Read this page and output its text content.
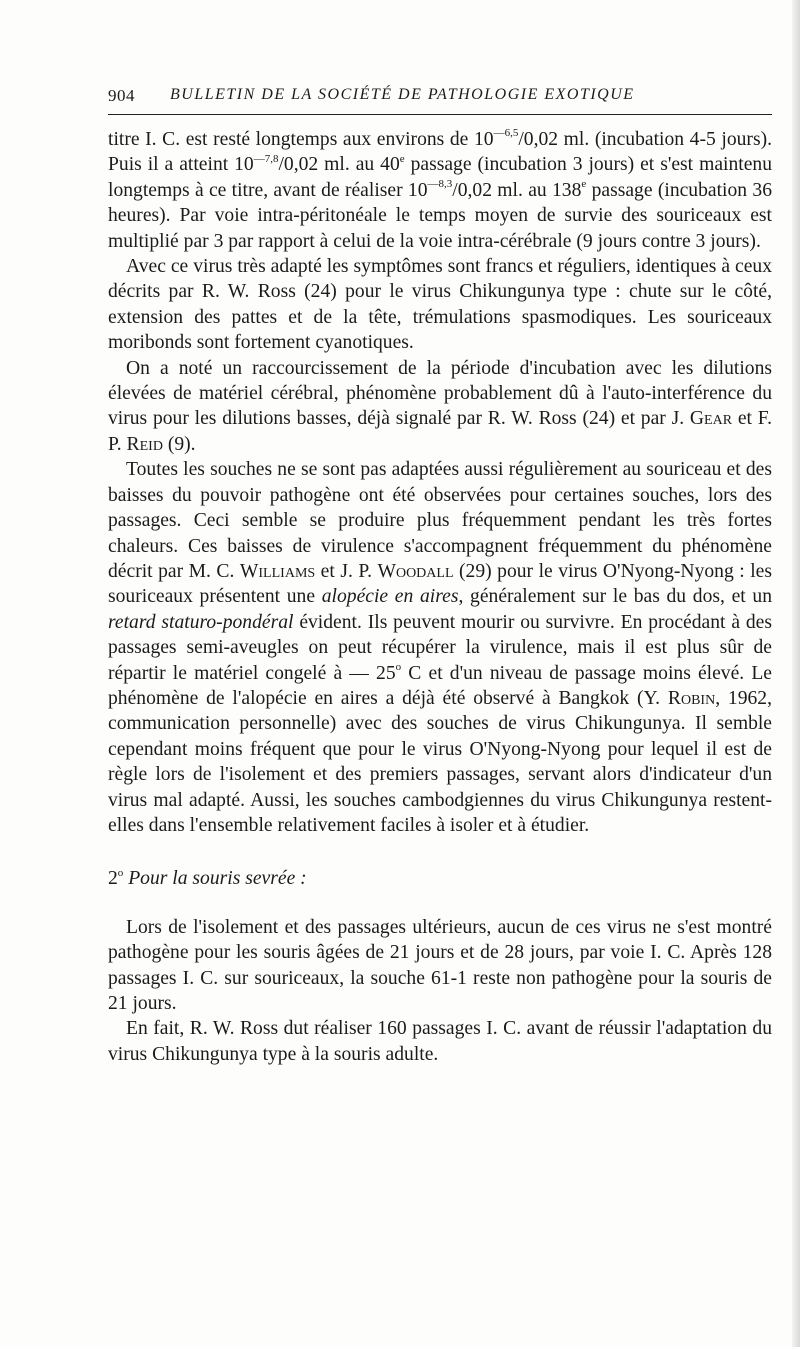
904 BULLETIN DE LA SOCIÉTÉ DE PATHOLOGIE EXOTIQUE

titre I. C. est resté longtemps aux environs de $10^{—6,5}/0,02$ ml. (incubation 4-5 jours). Puis il a atteint $10^{—7,8}/0,02$ ml. au 40e passage (incubation 3 jours) et s'est maintenu longtemps à ce titre, avant de réaliser $10^{—8,3}/0,02$ ml. au 138e passage (incubation 36 heures). Par voie intra-péritonéale le temps moyen de survie des souriceaux est multiplié par 3 par rapport à celui de la voie intra-cérébrale (9 jours contre 3 jours).

Avec ce virus très adapté les symptômes sont francs et réguliers, identiques à ceux décrits par R. W. Ross (24) pour le virus Chikungunya type : chute sur le côté, extension des pattes et de la tête, trémulations spasmodiques. Les souriceaux moribonds sont fortement cyanotiques.

On a noté un raccourcissement de la période d'incubation avec les dilutions élevées de matériel cérébral, phénomène probablement dû à l'auto-interférence du virus pour les dilutions basses, déjà signalé par R. W. Ross (24) et par J. Gear et F. P. Reid (9).

Toutes les souches ne se sont pas adaptées aussi régulièrement au souriceau et des baisses du pouvoir pathogène ont été observées pour certaines souches, lors des passages. Ceci semble se produire plus fréquemment pendant les très fortes chaleurs. Ces baisses de virulence s'accompagnent fréquemment du phénomène décrit par M. C. Williams et J. P. Woodall (29) pour le virus O'Nyong-Nyong : les souriceaux présentent une alopécie en aires, généralement sur le bas du dos, et un retard staturo-pondéral évident. Ils peuvent mourir ou survivre. En procédant à des passages semi-aveugles on peut récupérer la virulence, mais il est plus sûr de répartir le matériel congelé à — 25$^o$ C et d'un niveau de passage moins élevé. Le phénomène de l'alopécie en aires a déjà été observé à Bangkok (Y. Robin, 1962, communication personnelle) avec des souches de virus Chikungunya. Il semble cependant moins fréquent que pour le virus O'Nyong-Nyong pour lequel il est de règle lors de l'isolement et des premiers passages, servant alors d'indicateur d'un virus mal adapté. Aussi, les souches cambodgiennes du virus Chikungunya restent-elles dans l'ensemble relativement faciles à isoler et à étudier.

2$^o$ Pour la souris sevrée :

Lors de l'isolement et des passages ultérieurs, aucun de ces virus ne s'est montré pathogène pour les souris âgées de 21 jours et de 28 jours, par voie I. C. Après 128 passages I. C. sur souriceaux, la souche 61-1 reste non pathogène pour la souris de 21 jours.

En fait, R. W. Ross dut réaliser 160 passages I. C. avant de réussir l'adaptation du virus Chikungunya type à la souris adulte.
